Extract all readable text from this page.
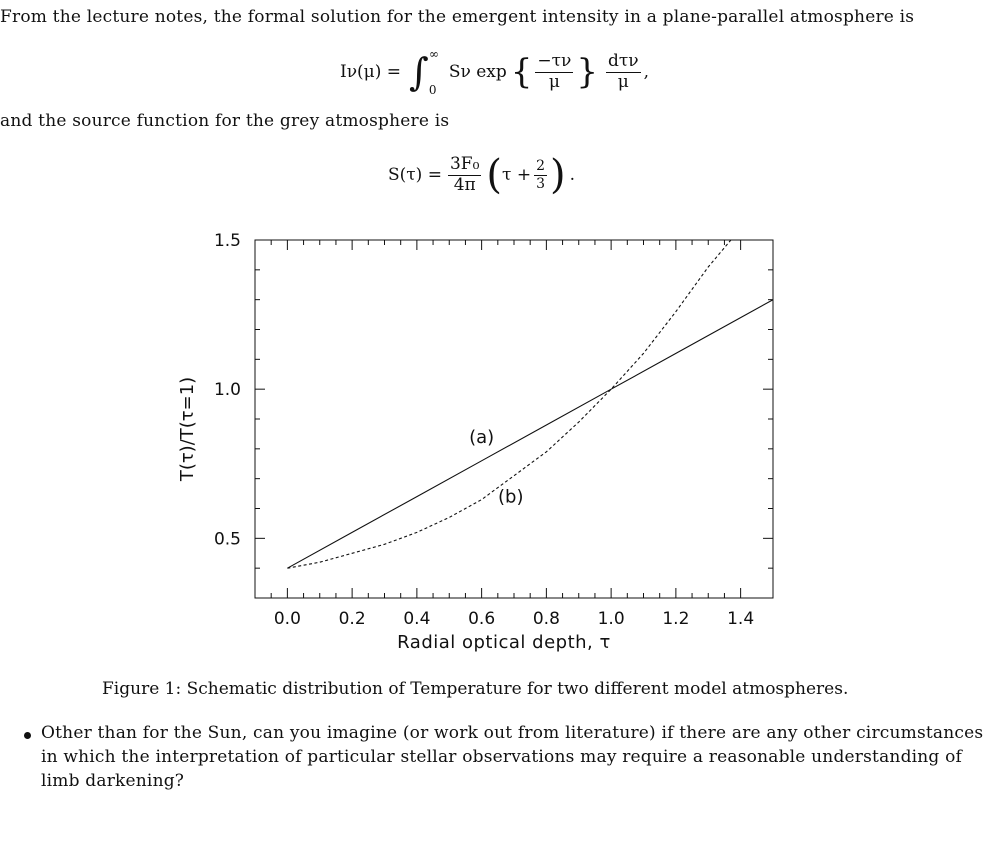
From the lecture notes, the formal solution for the emergent intensity in a plane-parallel atmosphere is
Iν(μ) = ∫ ∞
0
Sν exp { $\frac{-\tau\nu}{\mu}$ } $\frac{\text{dτν}}{\mu}$ ,
and the source function for the grey atmosphere is
$S(\tau) = \frac{\text{3F₀}}{4\pi}$ ( $\tau + \frac{2}{3}$ ) .
0.0 0.2 0.4 0.6 0.8 1.0 1.2 1.4
0.5
1.0
1.5
Radial optical depth, τ
T(τ)/T(τ=1)	(a)
(b)
Figure 1: Schematic distribution of Temperature for two different model atmospheres.
Other than for the Sun, can you imagine (or work out from literature) if there are any other circumstances
in which the interpretation of particular stellar observations may require a reasonable understanding of
limb darkening?
